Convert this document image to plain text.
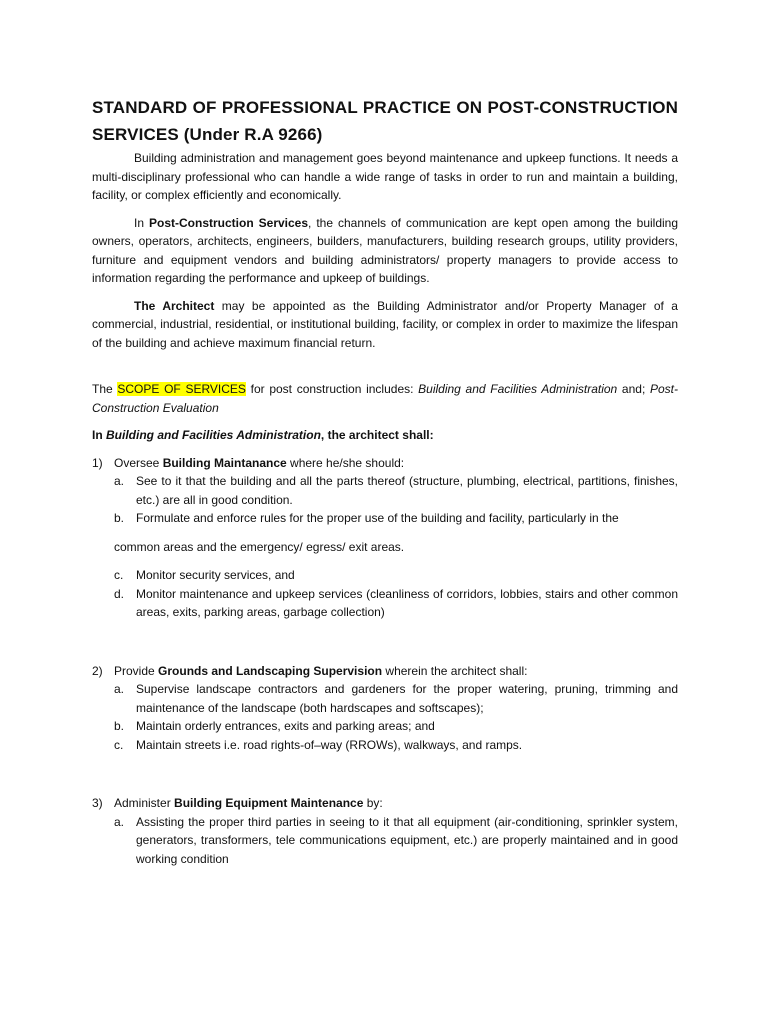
STANDARD OF PROFESSIONAL PRACTICE ON POST-CONSTRUCTION SERVICES (Under R.A 9266)

Building administration and management goes beyond maintenance and upkeep functions. It needs a multi-disciplinary professional who can handle a wide range of tasks in order to run and maintain a building, facility, or complex efficiently and economically.

In Post-Construction Services, the channels of communication are kept open among the building owners, operators, architects, engineers, builders, manufacturers, building research groups, utility providers, furniture and equipment vendors and building administrators/ property managers to provide access to information regarding the performance and upkeep of buildings.

The Architect may be appointed as the Building Administrator and/or Property Manager of a commercial, industrial, residential, or institutional building, facility, or complex in order to maximize the lifespan of the building and achieve maximum financial return.

The SCOPE OF SERVICES for post construction includes: Building and Facilities Administration and; Post-Construction Evaluation

In Building and Facilities Administration, the architect shall:

1) Oversee Building Maintanance where he/she should:
a. See to it that the building and all the parts thereof (structure, plumbing, electrical, partitions, finishes, etc.) are all in good condition.
b. Formulate and enforce rules for the proper use of the building and facility, particularly in the

common areas and the emergency/ egress/ exit areas.

c.	Monitor security services, and
d. Monitor maintenance and upkeep services (cleanliness of corridors, lobbies, stairs and other common areas, exits, parking areas, garbage collection)
2) Provide Grounds and Landscaping Supervision wherein the architect shall:
a. Supervise landscape contractors and gardeners for the proper watering, pruning, trimming and maintenance of the landscape (both hardscapes and softscapes);
b. Maintain orderly entrances, exits and parking areas; and
c.	Maintain streets i.e. road rights-of–way (RROWs), walkways, and ramps.
3) Administer Building Equipment Maintenance by:
a. Assisting the proper third parties in seeing to it that all equipment (air-conditioning, sprinkler system, generators, transformers, tele communications equipment, etc.) are properly maintained and in good working condition
